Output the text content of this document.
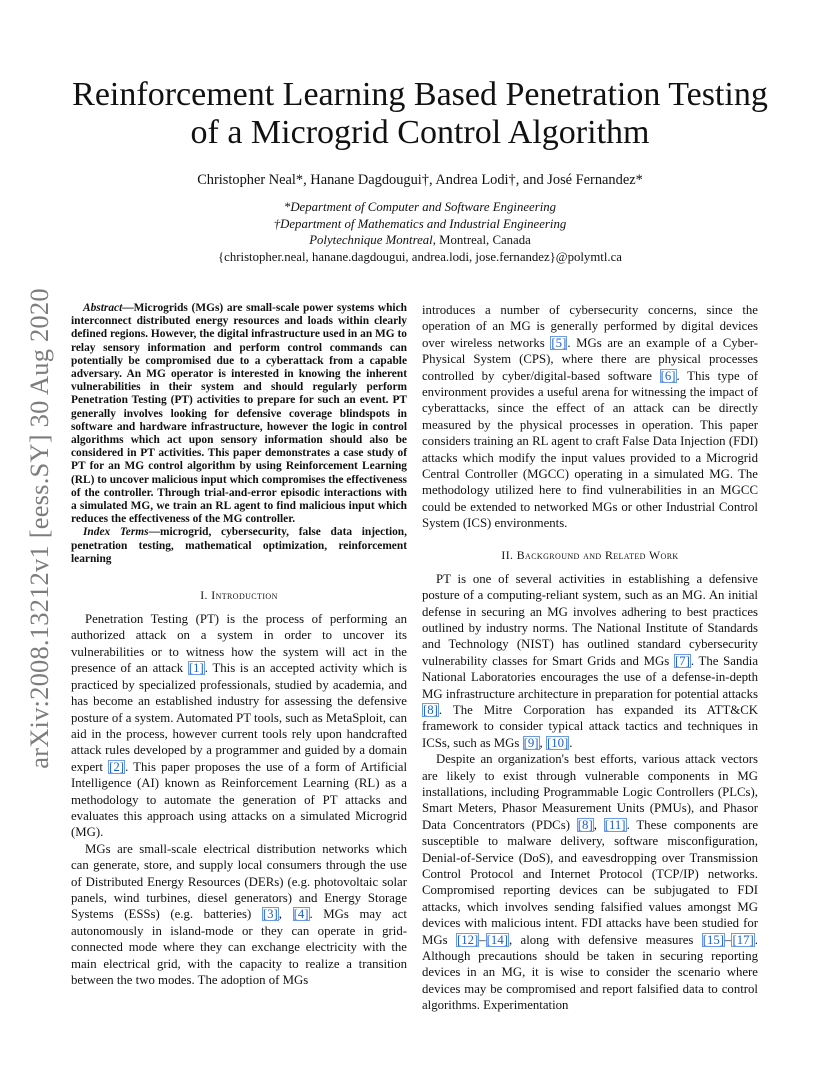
arXiv:2008.13212v1 [eess.SY] 30 Aug 2020
Reinforcement Learning Based Penetration Testing
of a Microgrid Control Algorithm
Christopher Neal*, Hanane Dagdougui†, Andrea Lodi†, and José Fernandez*
*Department of Computer and Software Engineering
†Department of Mathematics and Industrial Engineering
Polytechnique Montreal, Montreal, Canada
{christopher.neal, hanane.dagdougui, andrea.lodi, jose.fernandez}@polymtl.ca

Abstract—Microgrids (MGs) are small-scale power systems which interconnect distributed energy resources and loads within clearly defined regions. However, the digital infrastructure used in an MG to relay sensory information and perform control commands can potentially be compromised due to a cyberattack from a capable adversary. An MG operator is interested in knowing the inherent vulnerabilities in their system and should regularly perform Penetration Testing (PT) activities to prepare for such an event. PT generally involves looking for defensive coverage blindspots in software and hardware infrastructure, however the logic in control algorithms which act upon sensory information should also be considered in PT activities. This paper demonstrates a case study of PT for an MG control algorithm by using Reinforcement Learning (RL) to uncover malicious input which compromises the effectiveness of the controller. Through trial-and-error episodic interactions with a simulated MG, we train an RL agent to find malicious input which reduces the effectiveness of the MG controller.

Index Terms—microgrid, cybersecurity, false data injection, penetration testing, mathematical optimization, reinforcement learning

I. Introduction

Penetration Testing (PT) is the process of performing an authorized attack on a system in order to uncover its vulnerabilities or to witness how the system will act in the presence of an attack [1]. This is an accepted activity which is practiced by specialized professionals, studied by academia, and has become an established industry for assessing the defensive posture of a system. Automated PT tools, such as MetaSploit, can aid in the process, however current tools rely upon handcrafted attack rules developed by a programmer and guided by a domain expert [2]. This paper proposes the use of a form of Artificial Intelligence (AI) known as Reinforcement Learning (RL) as a methodology to automate the generation of PT attacks and evaluates this approach using attacks on a simulated Microgrid (MG).

MGs are small-scale electrical distribution networks which can generate, store, and supply local consumers through the use of Distributed Energy Resources (DERs) (e.g. photovoltaic solar panels, wind turbines, diesel generators) and Energy Storage Systems (ESSs) (e.g. batteries) [3], [4]. MGs may act autonomously in island-mode or they can operate in grid-connected mode where they can exchange electricity with the main electrical grid, with the capacity to realize a transition between the two modes. The adoption of MGs

introduces a number of cybersecurity concerns, since the operation of an MG is generally performed by digital devices over wireless networks [5]. MGs are an example of a Cyber-Physical System (CPS), where there are physical processes controlled by cyber/digital-based software [6]. This type of environment provides a useful arena for witnessing the impact of cyberattacks, since the effect of an attack can be directly measured by the physical processes in operation. This paper considers training an RL agent to craft False Data Injection (FDI) attacks which modify the input values provided to a Microgrid Central Controller (MGCC) operating in a simulated MG. The methodology utilized here to find vulnerabilities in an MGCC could be extended to networked MGs or other Industrial Control System (ICS) environments.

II. Background and Related Work

PT is one of several activities in establishing a defensive posture of a computing-reliant system, such as an MG. An initial defense in securing an MG involves adhering to best practices outlined by industry norms. The National Institute of Standards and Technology (NIST) has outlined standard cybersecurity vulnerability classes for Smart Grids and MGs [7]. The Sandia National Laboratories encourages the use of a defense-in-depth MG infrastructure architecture in preparation for potential attacks [8]. The Mitre Corporation has expanded its ATT&CK framework to consider typical attack tactics and techniques in ICSs, such as MGs [9], [10].

Despite an organization's best efforts, various attack vectors are likely to exist through vulnerable components in MG installations, including Programmable Logic Controllers (PLCs), Smart Meters, Phasor Measurement Units (PMUs), and Phasor Data Concentrators (PDCs) [8], [11]. These components are susceptible to malware delivery, software misconfiguration, Denial-of-Service (DoS), and eavesdropping over Transmission Control Protocol and Internet Protocol (TCP/IP) networks. Compromised reporting devices can be subjugated to FDI attacks, which involves sending falsified values amongst MG devices with malicious intent. FDI attacks have been studied for MGs [12]–[14], along with defensive measures [15]–[17]. Although precautions should be taken in securing reporting devices in an MG, it is wise to consider the scenario where devices may be compromised and report falsified data to control algorithms. Experimentation
